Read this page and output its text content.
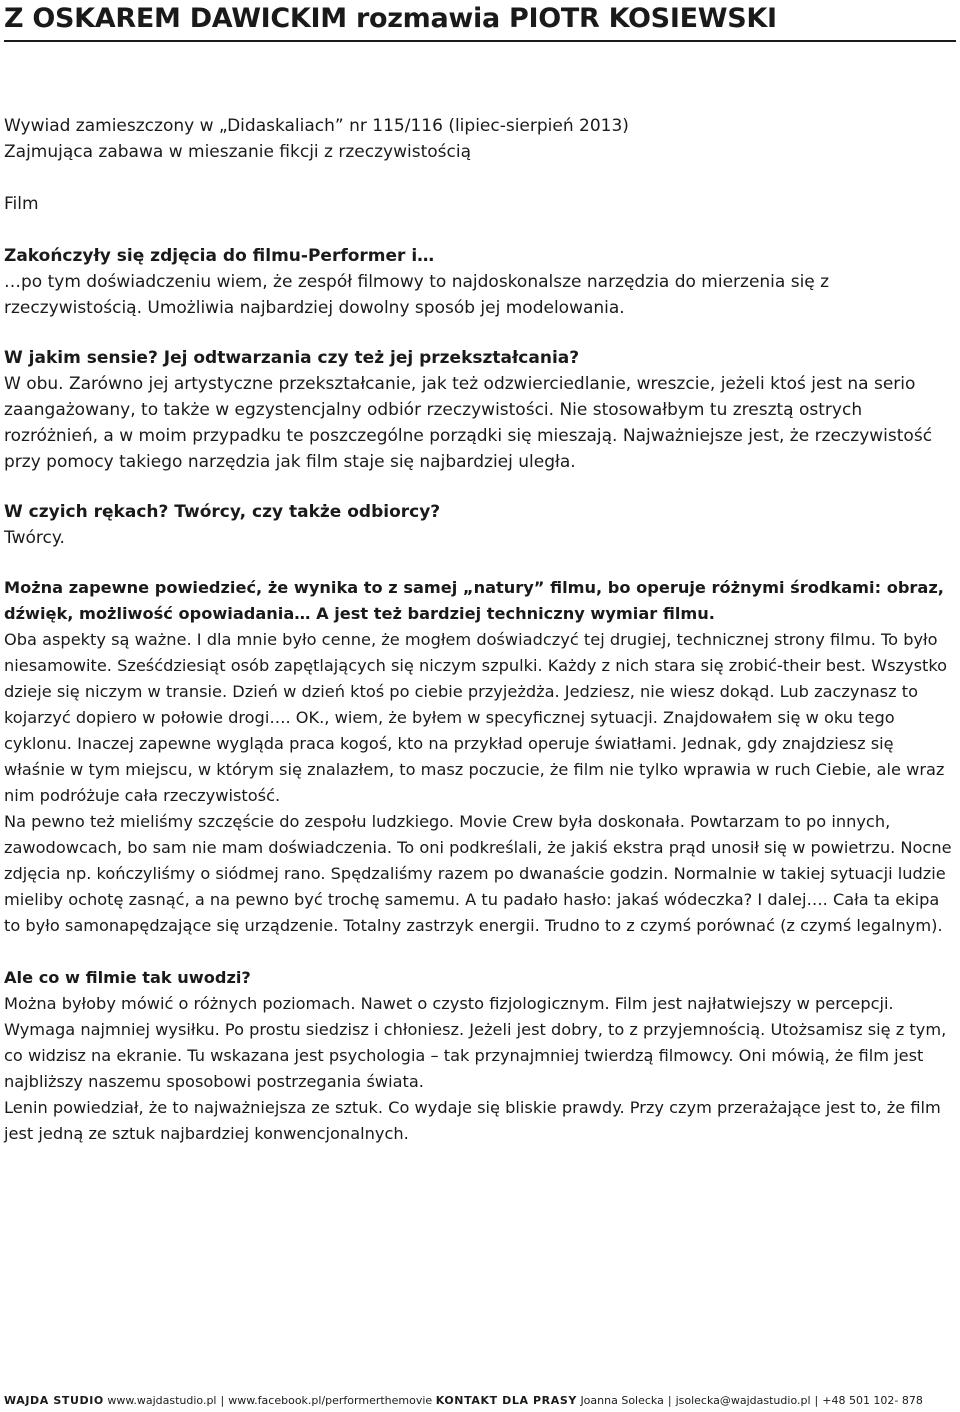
Z OSKAREM DAWICKIM rozmawia PIOTR KOSIEWSKI

Wywiad zamieszczony w „Didaskaliach” nr 115/116 (lipiec-sierpień 2013)

Zajmująca zabawa w mieszanie fikcji z rzeczywistością

Film

Zakończyły się zdjęcia do filmu-Performer i…

…po tym doświadczeniu wiem, że zespół filmowy to najdoskonalsze narzędzia do mierzenia się z rzeczywistością. Umożliwia najbardziej dowolny sposób jej modelowania.

W jakim sensie? Jej odtwarzania czy też jej przekształcania?

W obu. Zarówno jej artystyczne przekształcanie, jak też odzwierciedlanie, wreszcie, jeżeli ktoś jest na serio zaangażowany, to także w egzystencjalny odbiór rzeczywistości. Nie stosowałbym tu zresztą ostrych rozróżnień, a w moim przypadku te poszczególne porządki się mieszają. Najważniejsze jest, że rzeczywistość przy pomocy takiego narzędzia jak film staje się najbardziej uległa.

W czyich rękach? Twórcy, czy także odbiorcy?

Twórcy.

Można zapewne powiedzieć, że wynika to z samej „natury” filmu, bo operuje różnymi środkami: obraz, dźwięk, możliwość opowiadania… A jest też bardziej techniczny wymiar filmu.

Oba aspekty są ważne. I dla mnie było cenne, że mogłem doświadczyć tej drugiej, technicznej strony filmu. To było niesamowite. Sześćdziesiąt osób zapętlających się niczym szpulki. Każdy z nich stara się zrobić-their best. Wszystko dzieje się niczym w transie. Dzień w dzień ktoś po ciebie przyjeżdża. Jedziesz, nie wiesz dokąd. Lub zaczynasz to kojarzyć dopiero w połowie drogi…. OK., wiem, że byłem w specyficznej sytuacji. Znajdowałem się w oku tego cyklonu. Inaczej zapewne wygląda praca kogoś, kto na przykład operuje światłami. Jednak, gdy znajdziesz się właśnie w tym miejscu, w którym się znalazłem, to masz poczucie, że film nie tylko wprawia w ruch Ciebie, ale wraz nim podróżuje cała rzeczywistość.

Na pewno też mieliśmy szczęście do zespołu ludzkiego. Movie Crew była doskonała. Powtarzam to po innych, zawodowcach, bo sam nie mam doświadczenia. To oni podkreślali, że jakiś ekstra prąd unosił się w powietrzu. Nocne zdjęcia np. kończyliśmy o siódmej rano. Spędzaliśmy razem po dwanaście godzin. Normalnie w takiej sytuacji ludzie mieliby ochotę zasnąć, a na pewno być trochę samemu. A tu padało hasło: jakaś wódeczka? I dalej…. Cała ta ekipa to było samonapędzające się urządzenie. Totalny zastrzyk energii. Trudno to z czymś porównać (z czymś legalnym).

Ale co w filmie tak uwodzi?

Można byłoby mówić o różnych poziomach. Nawet o czysto fizjologicznym. Film jest najłatwiejszy w percepcji. Wymaga najmniej wysiłku. Po prostu siedzisz i chłoniesz. Jeżeli jest dobry, to z przyjemnością. Utożsamisz się z tym, co widzisz na ekranie. Tu wskazana jest psychologia – tak przynajmniej twierdzą filmowcy. Oni mówią, że film jest najbliższy naszemu sposobowi postrzegania świata.

Lenin powiedział, że to najważniejsza ze sztuk. Co wydaje się bliskie prawdy. Przy czym przerażające jest to, że film jest jedną ze sztuk najbardziej konwencjonalnych.

WAJDA STUDIO www.wajdastudio.pl | www.facebook.pl/performerthemovie KONTAKT DLA PRASY Joanna Solecka | jsolecka@wajdastudio.pl | +48 501 102- 878
